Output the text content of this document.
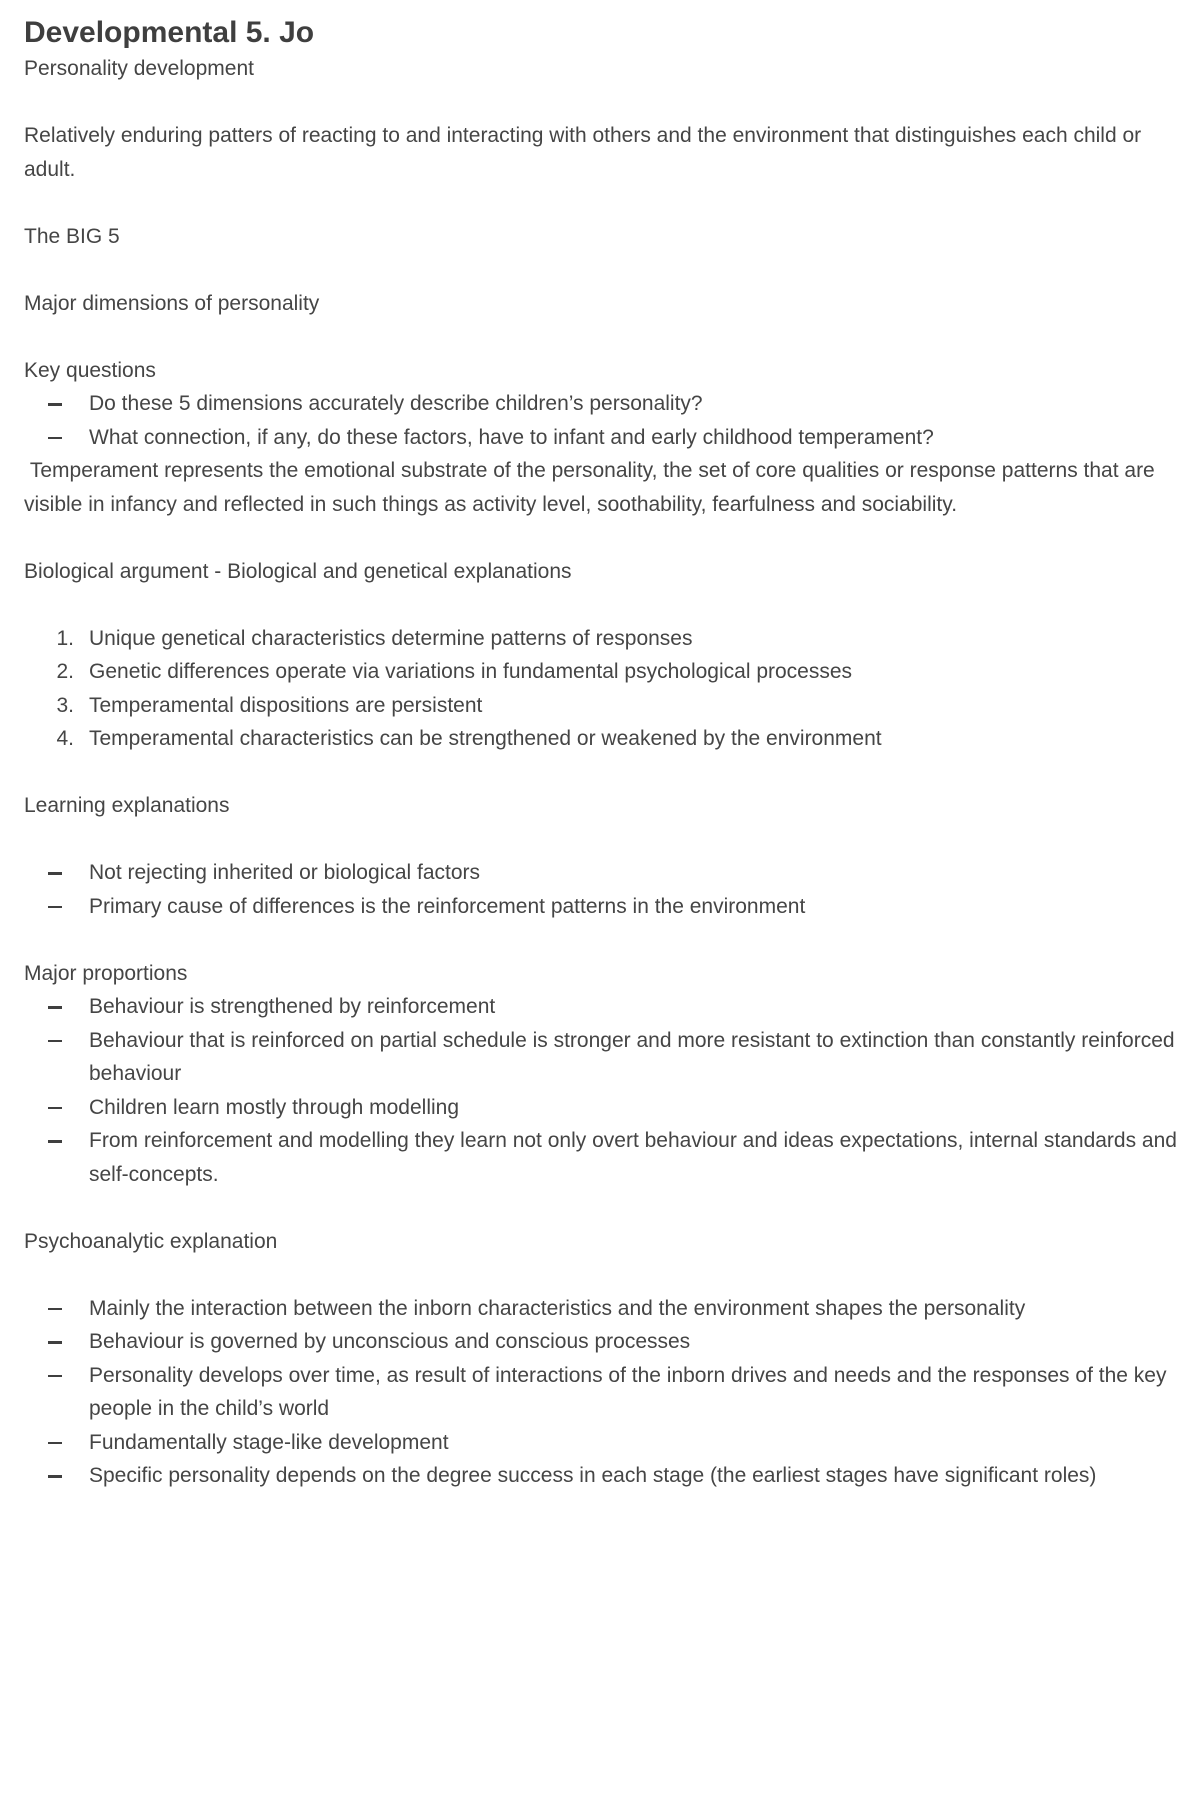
Developmental 5. Jo

Personality development

Relatively enduring patters of reacting to and interacting with others and the environment that distinguishes each child or adult.

The BIG 5

Major dimensions of personality

Key questions

Do these 5 dimensions accurately describe children’s personality?
What connection, if any, do these factors, have to infant and early childhood temperament?

Temperament represents the emotional substrate of the personality, the set of core qualities or response patterns that are visible in infancy and reflected in such things as activity level, soothability, fearfulness and sociability.

Biological argument - Biological and genetical explanations

1. Unique genetical characteristics determine patterns of responses
2. Genetic differences operate via variations in fundamental psychological processes
3. Temperamental dispositions are persistent
4. Temperamental characteristics can be strengthened or weakened by the environment

Learning explanations

Not rejecting inherited or biological factors
Primary cause of differences is the reinforcement patterns in the environment

Major proportions

Behaviour is strengthened by reinforcement
Behaviour that is reinforced on partial schedule is stronger and more resistant to extinction than constantly reinforced behaviour
Children learn mostly through modelling
From reinforcement and modelling they learn not only overt behaviour and ideas expectations, internal standards and self-concepts.

Psychoanalytic explanation

Mainly the interaction between the inborn characteristics and the environment shapes the personality
Behaviour is governed by unconscious and conscious processes
Personality develops over time, as result of interactions of the inborn drives and needs and the responses of the key people in the child’s world
Fundamentally stage-like development
Specific personality depends on the degree success in each stage (the earliest stages have significant roles)
